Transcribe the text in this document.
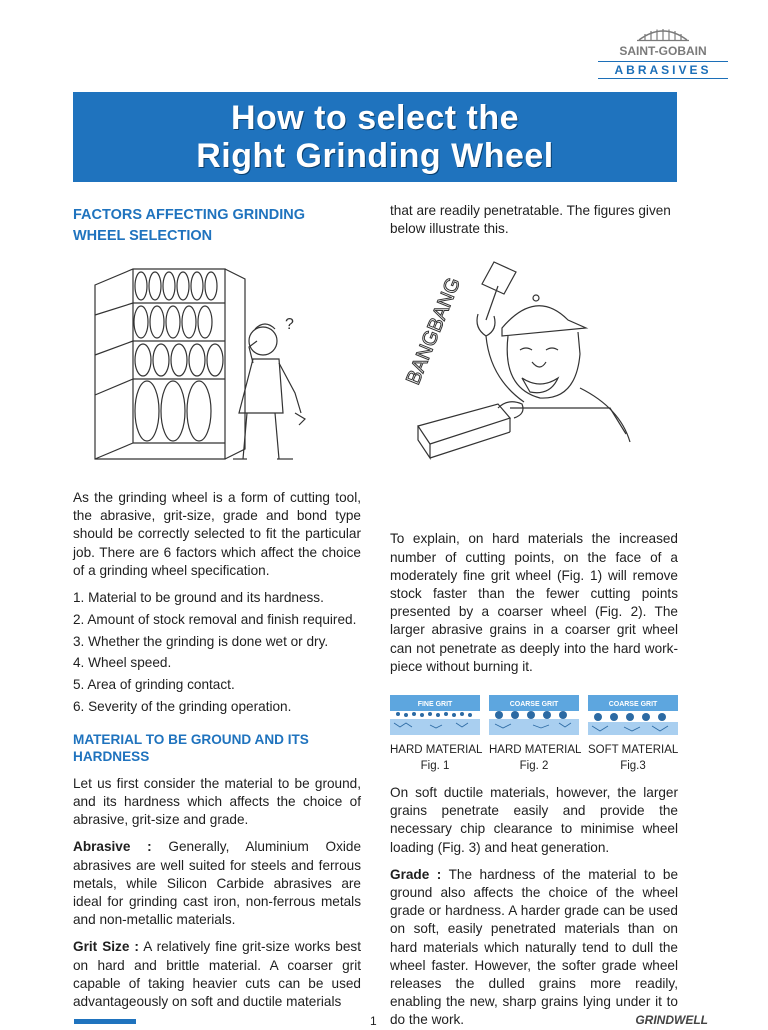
SAINT-GOBAIN
ABRASIVES
How to select the
Right Grinding Wheel
FACTORS AFFECTING GRINDING WHEEL SELECTION
?

As the grinding wheel is a form of cutting tool, the abrasive, grit-size, grade and bond type should be correctly selected to fit the particular job. There are 6 factors which affect the choice of a grinding wheel specification.

1. Material to be ground and its hardness.
2. Amount of stock removal and finish required.
3. Whether the grinding is done wet or dry.
4. Wheel speed.
5. Area of grinding contact.
6. Severity of the grinding operation.
MATERIAL TO BE GROUND AND ITS HARDNESS

Let us first consider the material to be ground, and its hardness which affects the choice of abrasive, grit-size and grade.

Abrasive : Generally, Aluminium Oxide abrasives are well suited for steels and ferrous metals, while Silicon Carbide abrasives are ideal for grinding cast iron, non-ferrous metals and non-metallic materials.

Grit Size : A relatively fine grit-size works best on hard and brittle material. A coarser grit capable of taking heavier cuts can be used advantageously on soft and ductile materials

that are readily penetratable. The figures given below illustrate this.

BANGBANG

To explain, on hard materials the increased number of cutting points, on the face of a moderately fine grit wheel (Fig. 1) will remove stock faster than the fewer cutting points presented by a coarser wheel (Fig. 2). The larger abrasive grains in a coarser grit wheel can not penetrate as deeply into the hard work-piece without burning it.

FINE GRIT
HARD MATERIAL
Fig. 1
COARSE GRIT
HARD MATERIAL
Fig. 2
COARSE GRIT
SOFT MATERIAL
Fig.3

On soft ductile materials, however, the larger grains penetrate easily and provide the necessary chip clearance to minimise wheel loading (Fig. 3) and heat generation.

Grade : The hardness of the material to be ground also affects the choice of the wheel grade or hardness. A harder grade can be used on soft, easily penetrated materials than on hard materials which naturally tend to dull the wheel faster. However, the softer grade wheel releases the dulled grains more readily, enabling the new, sharp grains lying under it to do the work.

1	GRINDWELL
